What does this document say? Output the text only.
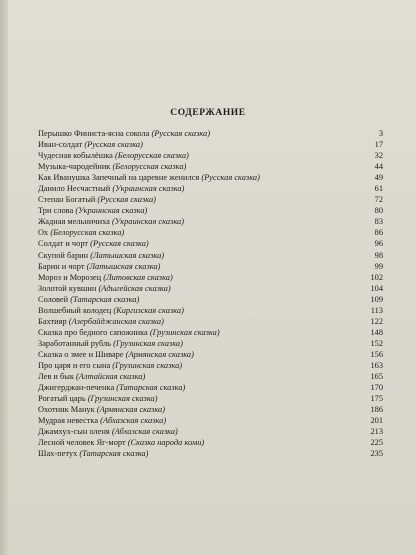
СОДЕРЖАНИЕ
Перышко Финиста-ясна сокола (Русская сказка)	3
Иван-солдат (Русская сказка)	17
Чудесная кобылёшка (Белорусская сказка)	32
Музыка-чародейник (Белорусская сказка)	44
Как Иванушка Запечный на царевне женился (Русская сказка)	49
Данило Несчастный (Украинская сказка)	61
Степан Богатый (Русская сказка)	72
Три слова (Украинская сказка)	80
Жадная мельничиха (Украинская сказка)	83
Ох (Белорусская сказка)	86
Солдат и чорт (Русская сказка)	96
Скупой барин (Латышская сказка)	98
Барин и чорт (Латышская сказка)	99
Мороз и Морозец (Литовская сказка)	102
Золотой кувшин (Адыгейская сказка)	104
Соловей (Татарская сказка)	109
Волшебный колодец (Киргизская сказка)	113
Бахтияр (Азербайджанская сказка)	122
Сказка про бедного сапожника (Грузинская сказка)	148
Заработанный рубль (Грузинская сказка)	152
Сказка о змее и Шиваре (Армянская сказка)	156
Про царя и его сына (Грузинская сказка)	163
Лев и бык (Алтайская сказка)	165
Джигерджан-печенка (Татарская сказка)	170
Рогатый царь (Грузинская сказка)	175
Охотник Манук (Армянская сказка)	186
Мудрая невестка (Абхазская сказка)	201
Джамхух-сын оленя (Абхазская сказка)	213
Лесной человек Яг-морт (Сказка народа коми)	225
Шах-петух (Татарская сказка)	235
